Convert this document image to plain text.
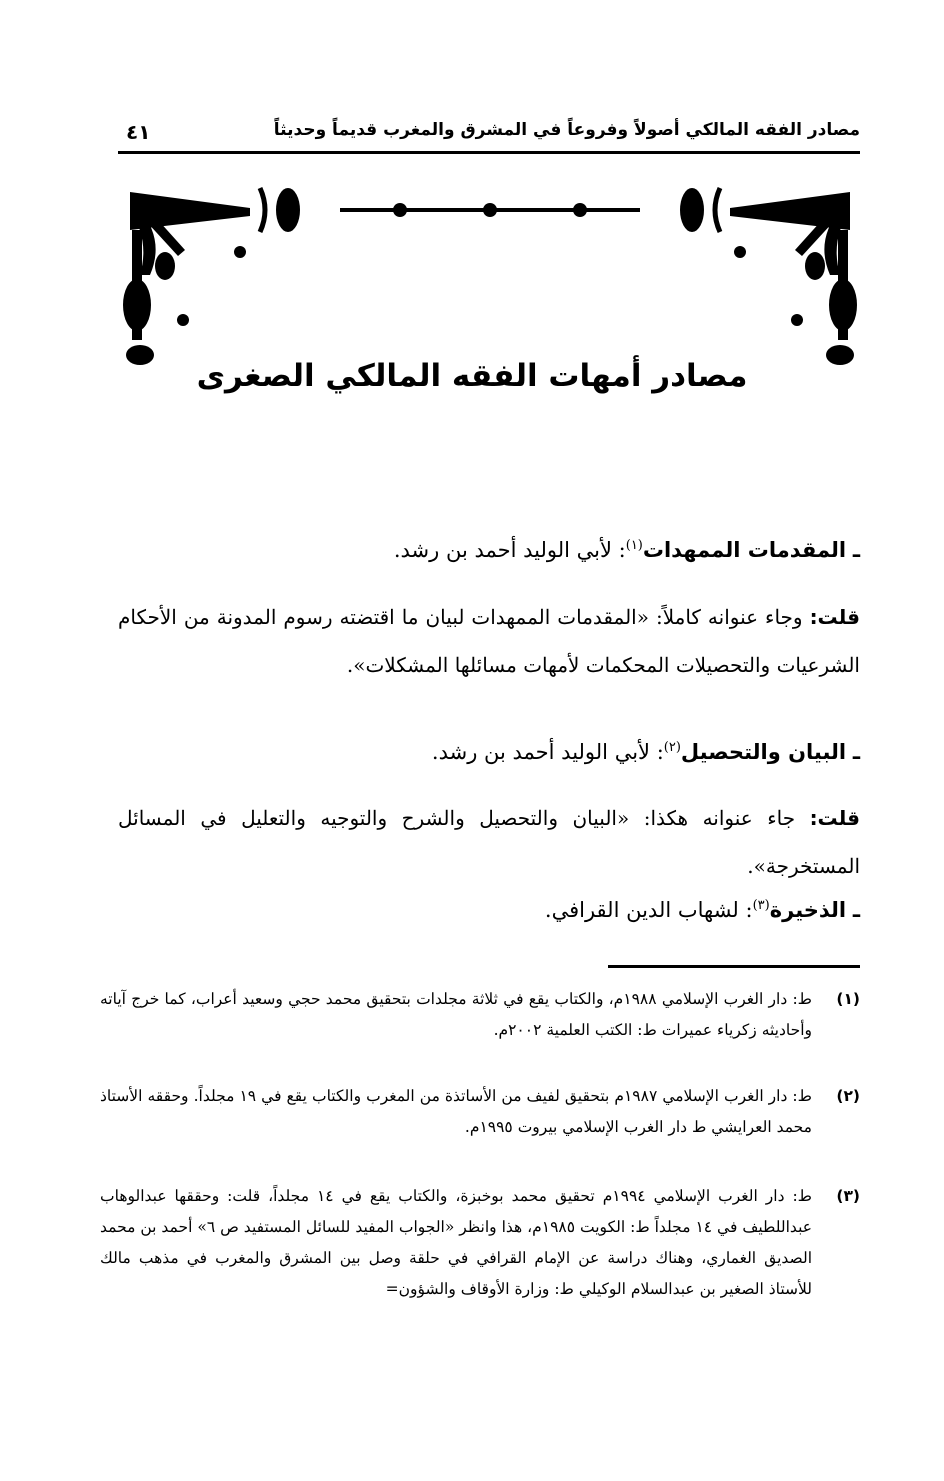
مصادر الفقه المالكي أصولاً وفروعاً في المشرق والمغرب قديماً وحديثاً
٤١
مصادر أمهات الفقه المالكي الصغرى
ـ المقدمات الممهدات$^{(١)}$: لأبي الوليد أحمد بن رشد.
قلت: وجاء عنوانه كاملاً: «المقدمات الممهدات لبيان ما اقتضته رسوم المدونة من الأحكام الشرعيات والتحصيلات المحكمات لأمهات مسائلها المشكلات».
ـ البيان والتحصيل$^{(٢)}$: لأبي الوليد أحمد بن رشد.
قلت: جاء عنوانه هكذا: «البيان والتحصيل والشرح والتوجيه والتعليل في المسائل المستخرجة».
ـ الذخيرة$^{(٣)}$: لشهاب الدين القرافي.
(١)
ط: دار الغرب الإسلامي ١٩٨٨م، والكتاب يقع في ثلاثة مجلدات بتحقيق محمد حجي وسعيد أعراب، كما خرج آياته وأحاديثه زكرياء عميرات ط: الكتب العلمية ٢٠٠٢م.
(٢)
ط: دار الغرب الإسلامي ١٩٨٧م بتحقيق لفيف من الأساتذة من المغرب والكتاب يقع في ١٩ مجلداً. وحققه الأستاذ محمد العرايشي ط دار الغرب الإسلامي بيروت ١٩٩٥م.
(٣)
ط: دار الغرب الإسلامي ١٩٩٤م تحقيق محمد بوخبزة، والكتاب يقع في ١٤ مجلداً، قلت: وحققها عبدالوهاب عبداللطيف في ١٤ مجلداً ط: الكويت ١٩٨٥م، هذا وانظر «الجواب المفيد للسائل المستفيد ص ٦» أحمد بن محمد الصديق الغماري، وهناك دراسة عن الإمام القرافي في حلقة وصل بين المشرق والمغرب في مذهب مالك للأستاذ الصغير بن عبدالسلام الوكيلي ط: وزارة الأوقاف والشؤون=
